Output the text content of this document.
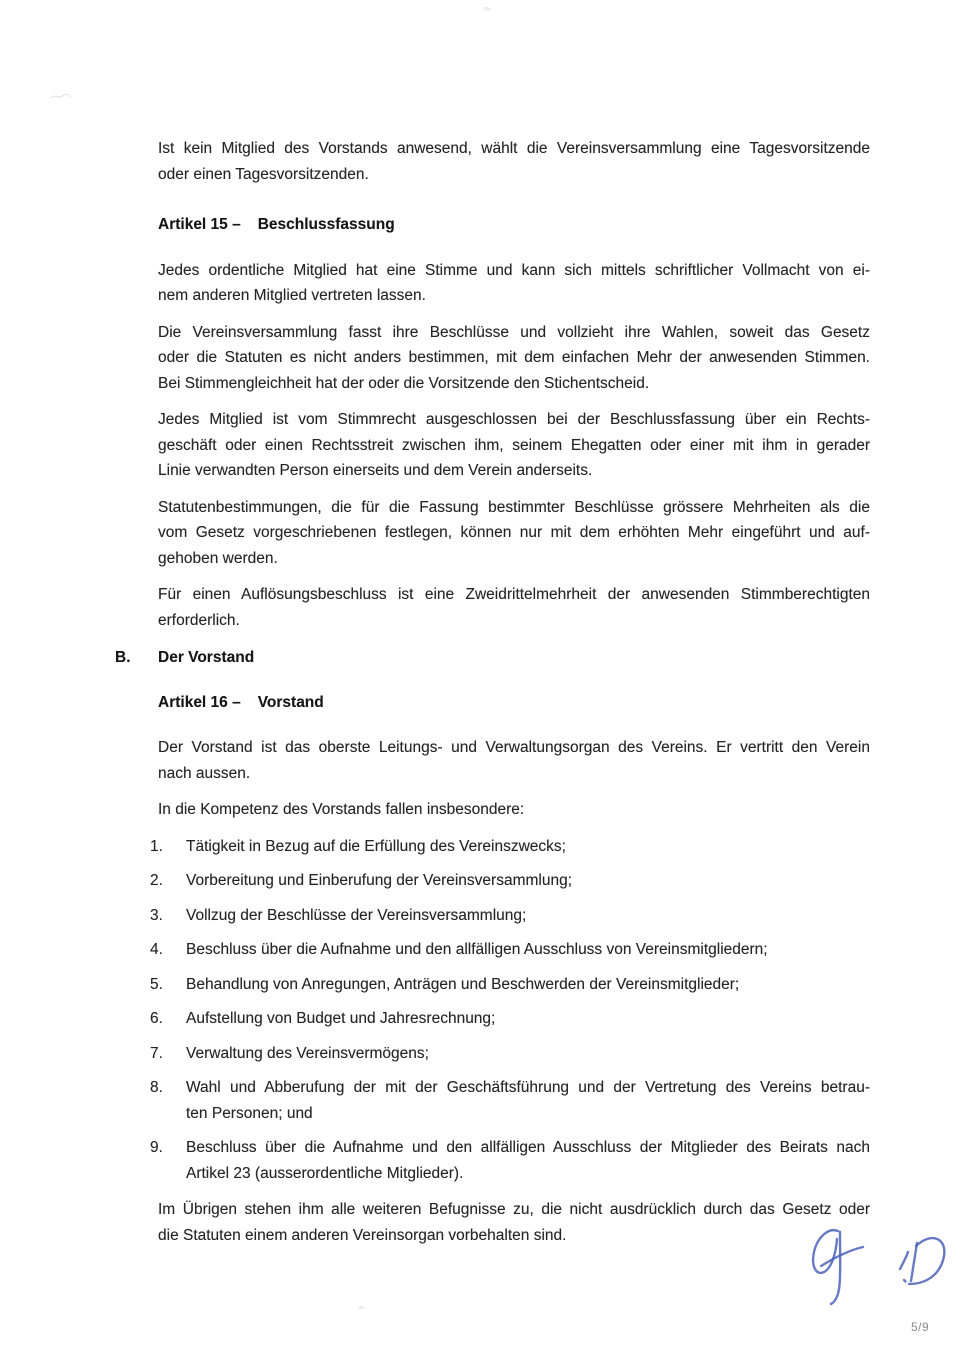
Ist kein Mitglied des Vorstands anwesend, wählt die Vereinsversammlung eine Tagesvorsitzende
oder einen Tagesvorsitzenden.

Artikel 15 – Beschlussfassung

Jedes ordentliche Mitglied hat eine Stimme und kann sich mittels schriftlicher Vollmacht von ei-
nem anderen Mitglied vertreten lassen.

Die Vereinsversammlung fasst ihre Beschlüsse und vollzieht ihre Wahlen, soweit das Gesetz
oder die Statuten es nicht anders bestimmen, mit dem einfachen Mehr der anwesenden Stimmen.
Bei Stimmengleichheit hat der oder die Vorsitzende den Stichentscheid.

Jedes Mitglied ist vom Stimmrecht ausgeschlossen bei der Beschlussfassung über ein Rechts-
geschäft oder einen Rechtsstreit zwischen ihm, seinem Ehegatten oder einer mit ihm in gerader
Linie verwandten Person einerseits und dem Verein anderseits.

Statutenbestimmungen, die für die Fassung bestimmter Beschlüsse grössere Mehrheiten als die
vom Gesetz vorgeschriebenen festlegen, können nur mit dem erhöhten Mehr eingeführt und auf-
gehoben werden.

Für einen Auflösungsbeschluss ist eine Zweidrittelmehrheit der anwesenden Stimmberechtigten
erforderlich.

B.	Der Vorstand
Artikel 16 – Vorstand

Der Vorstand ist das oberste Leitungs- und Verwaltungsorgan des Vereins. Er vertritt den Verein
nach aussen.

In die Kompetenz des Vorstands fallen insbesondere:

1.	Tätigkeit in Bezug auf die Erfüllung des Vereinszwecks;
2.	Vorbereitung und Einberufung der Vereinsversammlung;
3.	Vollzug der Beschlüsse der Vereinsversammlung;
4.	Beschluss über die Aufnahme und den allfälligen Ausschluss von Vereinsmitgliedern;
5.	Behandlung von Anregungen, Anträgen und Beschwerden der Vereinsmitglieder;
6.	Aufstellung von Budget und Jahresrechnung;
7.	Verwaltung des Vereinsvermögens;
8.	Wahl und Abberufung der mit der Geschäftsführung und der Vertretung des Vereins betrau-
ten Personen; und
9.	Beschluss über die Aufnahme und den allfälligen Ausschluss der Mitglieder des Beirats nach
Artikel 23 (ausserordentliche Mitglieder).

Im Übrigen stehen ihm alle weiteren Befugnisse zu, die nicht ausdrücklich durch das Gesetz oder
die Statuten einem anderen Vereinsorgan vorbehalten sind.

5/9
